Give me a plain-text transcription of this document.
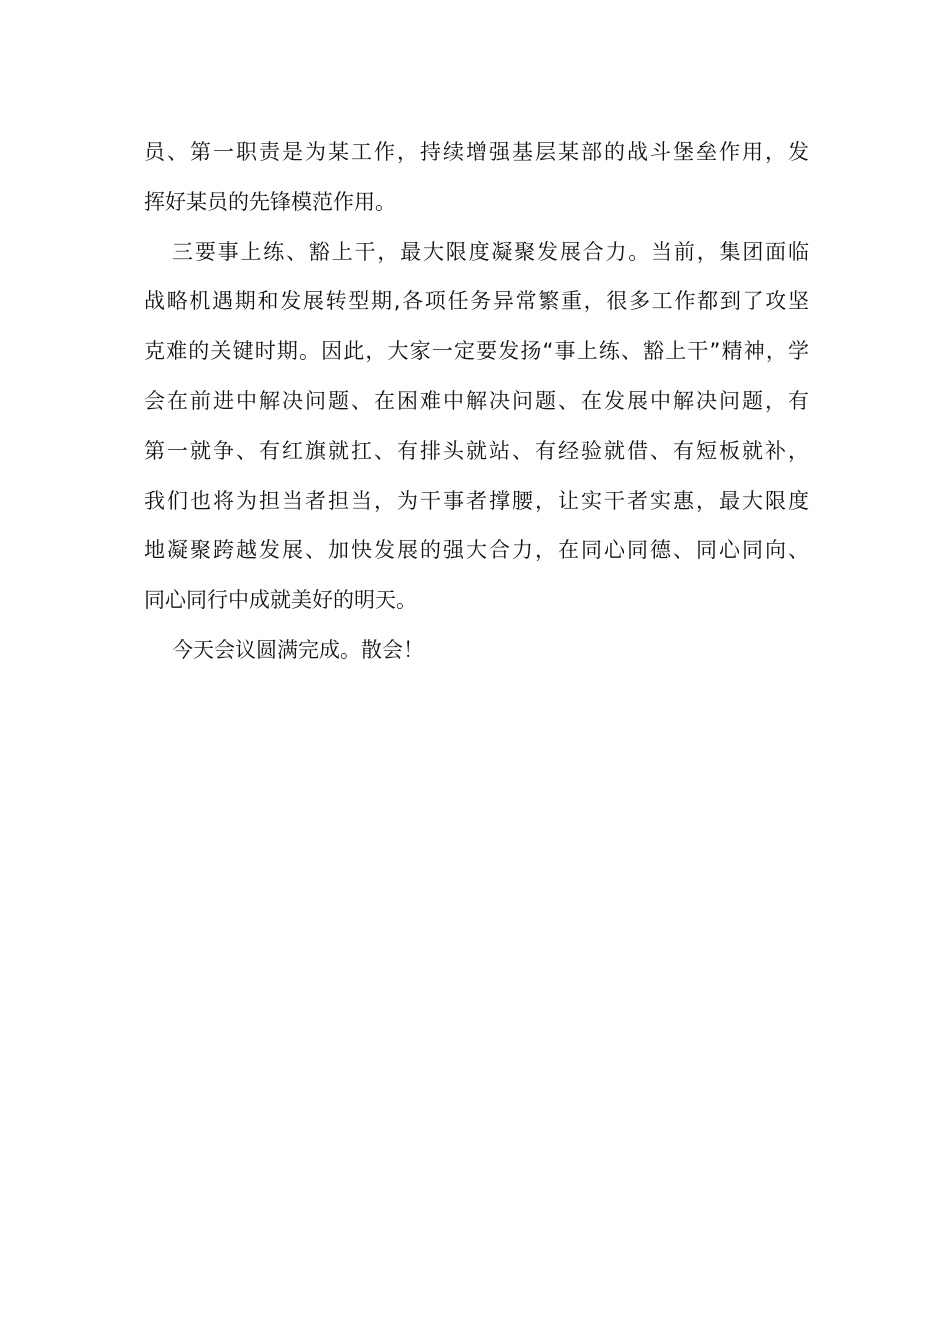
员、第一职责是为某工作，持续增强基层某部的战斗堡垒作用，发
挥好某员的先锋模范作用。
三要事上练、豁上干，最大限度凝聚发展合力。当前，集团面临
战略机遇期和发展转型期,各项任务异常繁重，很多工作都到了攻坚
克难的关键时期。因此，大家一定要发扬“事上练、豁上干”精神，学
会在前进中解决问题、在困难中解决问题、在发展中解决问题，有
第一就争、有红旗就扛、有排头就站、有经验就借、有短板就补，
我们也将为担当者担当，为干事者撑腰，让实干者实惠，最大限度
地凝聚跨越发展、加快发展的强大合力，在同心同德、同心同向、
同心同行中成就美好的明天。
今天会议圆满完成。散会！
